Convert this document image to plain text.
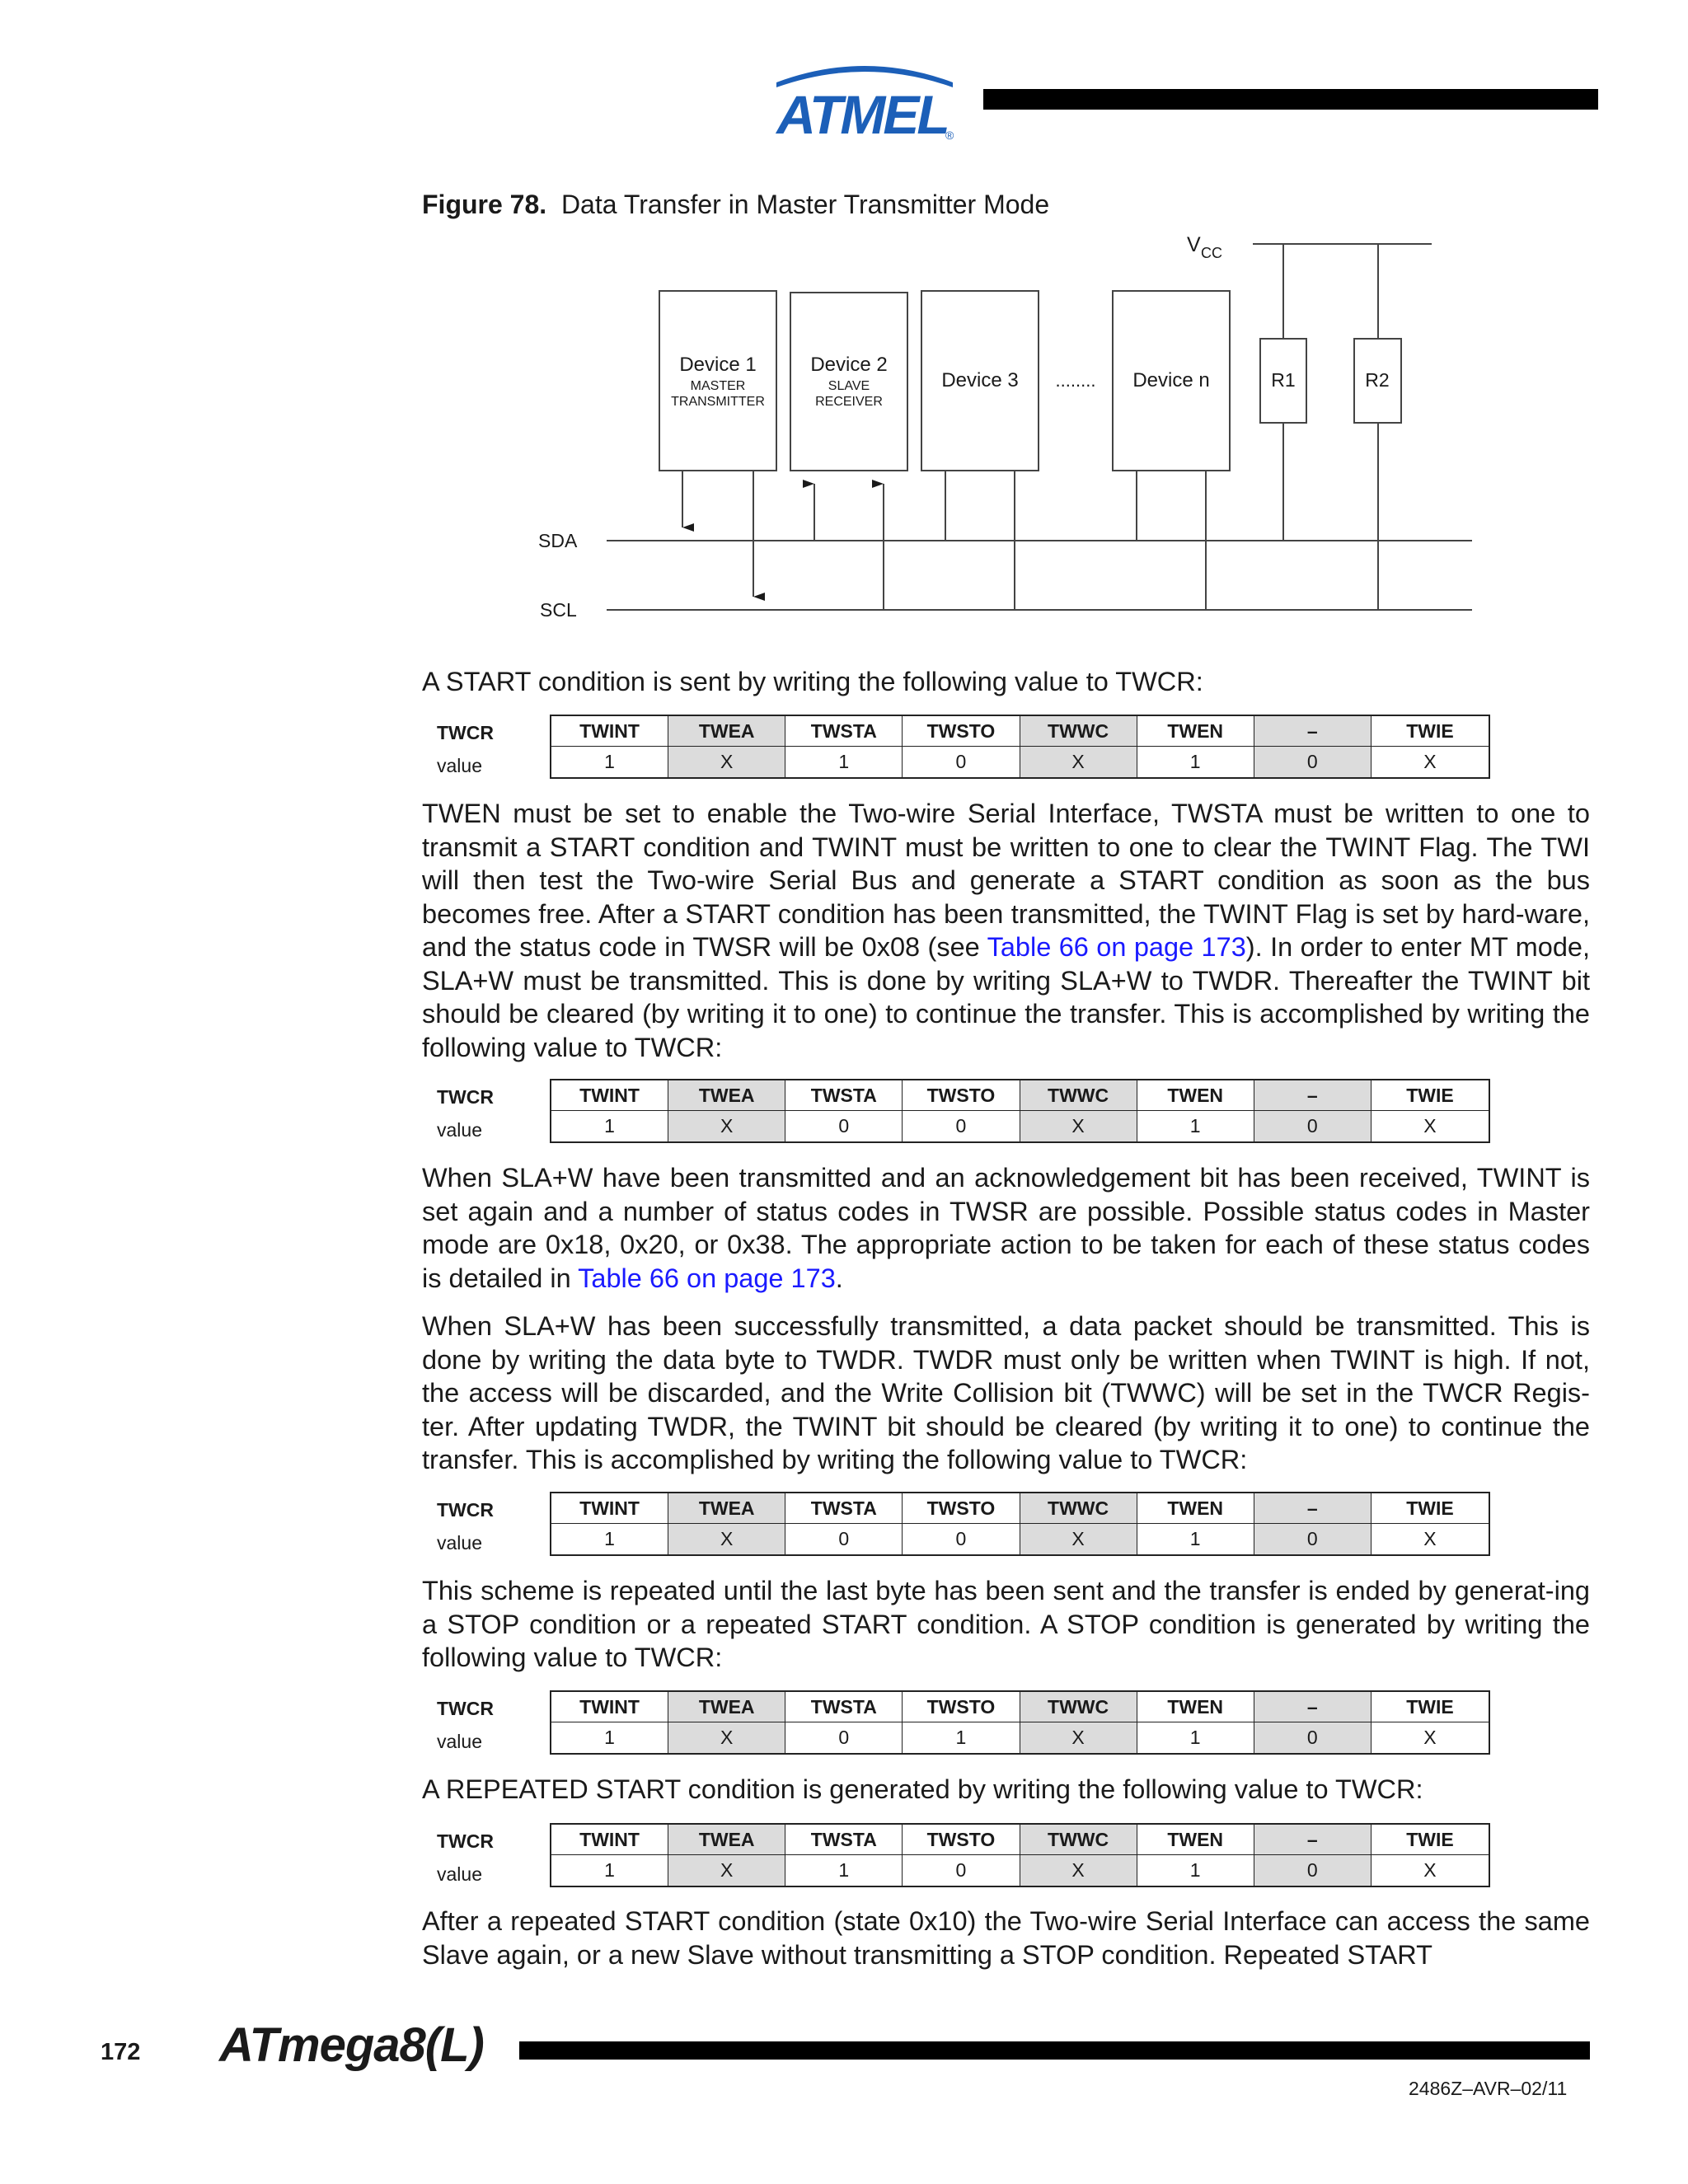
ATMEL
®
Figure 78. Data Transfer in Master Transmitter Mode
V CC
Device 1
MASTER
TRANSMITTER
Device 2
SLAVE
RECEIVER
Device 3 ........ Device n	R1	R2
SDA
SCL

A START condition is sent by writing the following value to TWCR:

TWCR
value
TWINT	TWEA	TWSTA	TWSTO	TWWC	TWEN	–	TWIE
1	X	1	0	X	1	0	X

TWEN must be set to enable the Two-wire Serial Interface, TWSTA must be written to one to transmit a START condition and TWINT must be written to one to clear the TWINT Flag. The TWI will then test the Two-wire Serial Bus and generate a START condition as soon as the bus becomes free. After a START condition has been transmitted, the TWINT Flag is set by hard-ware, and the status code in TWSR will be 0x08 (see Table 66 on page 173). In order to enter MT mode, SLA+W must be transmitted. This is done by writing SLA+W to TWDR. Thereafter the TWINT bit should be cleared (by writing it to one) to continue the transfer. This is accomplished by writing the following value to TWCR:

TWCR
value
TWINT	TWEA	TWSTA	TWSTO	TWWC	TWEN	–	TWIE
1	X	0	0	X	1	0	X

When SLA+W have been transmitted and an acknowledgement bit has been received, TWINT is set again and a number of status codes in TWSR are possible. Possible status codes in Master mode are 0x18, 0x20, or 0x38. The appropriate action to be taken for each of these status codes is detailed in Table 66 on page 173.

When SLA+W has been successfully transmitted, a data packet should be transmitted. This is done by writing the data byte to TWDR. TWDR must only be written when TWINT is high. If not, the access will be discarded, and the Write Collision bit (TWWC) will be set in the TWCR Regis-ter. After updating TWDR, the TWINT bit should be cleared (by writing it to one) to continue the transfer. This is accomplished by writing the following value to TWCR:

TWCR
value
TWINT	TWEA	TWSTA	TWSTO	TWWC	TWEN	–	TWIE
1	X	0	0	X	1	0	X

This scheme is repeated until the last byte has been sent and the transfer is ended by generat-ing a STOP condition or a repeated START condition. A STOP condition is generated by writing the following value to TWCR:

TWCR
value
TWINT	TWEA	TWSTA	TWSTO	TWWC	TWEN	–	TWIE
1	X	0	1	X	1	0	X

A REPEATED START condition is generated by writing the following value to TWCR:

TWCR
value
TWINT	TWEA	TWSTA	TWSTO	TWWC	TWEN	–	TWIE
1	X	1	0	X	1	0	X

After a repeated START condition (state 0x10) the Two-wire Serial Interface can access the same Slave again, or a new Slave without transmitting a STOP condition. Repeated START

172 ATmega8(L)
2486Z–AVR–02/11
